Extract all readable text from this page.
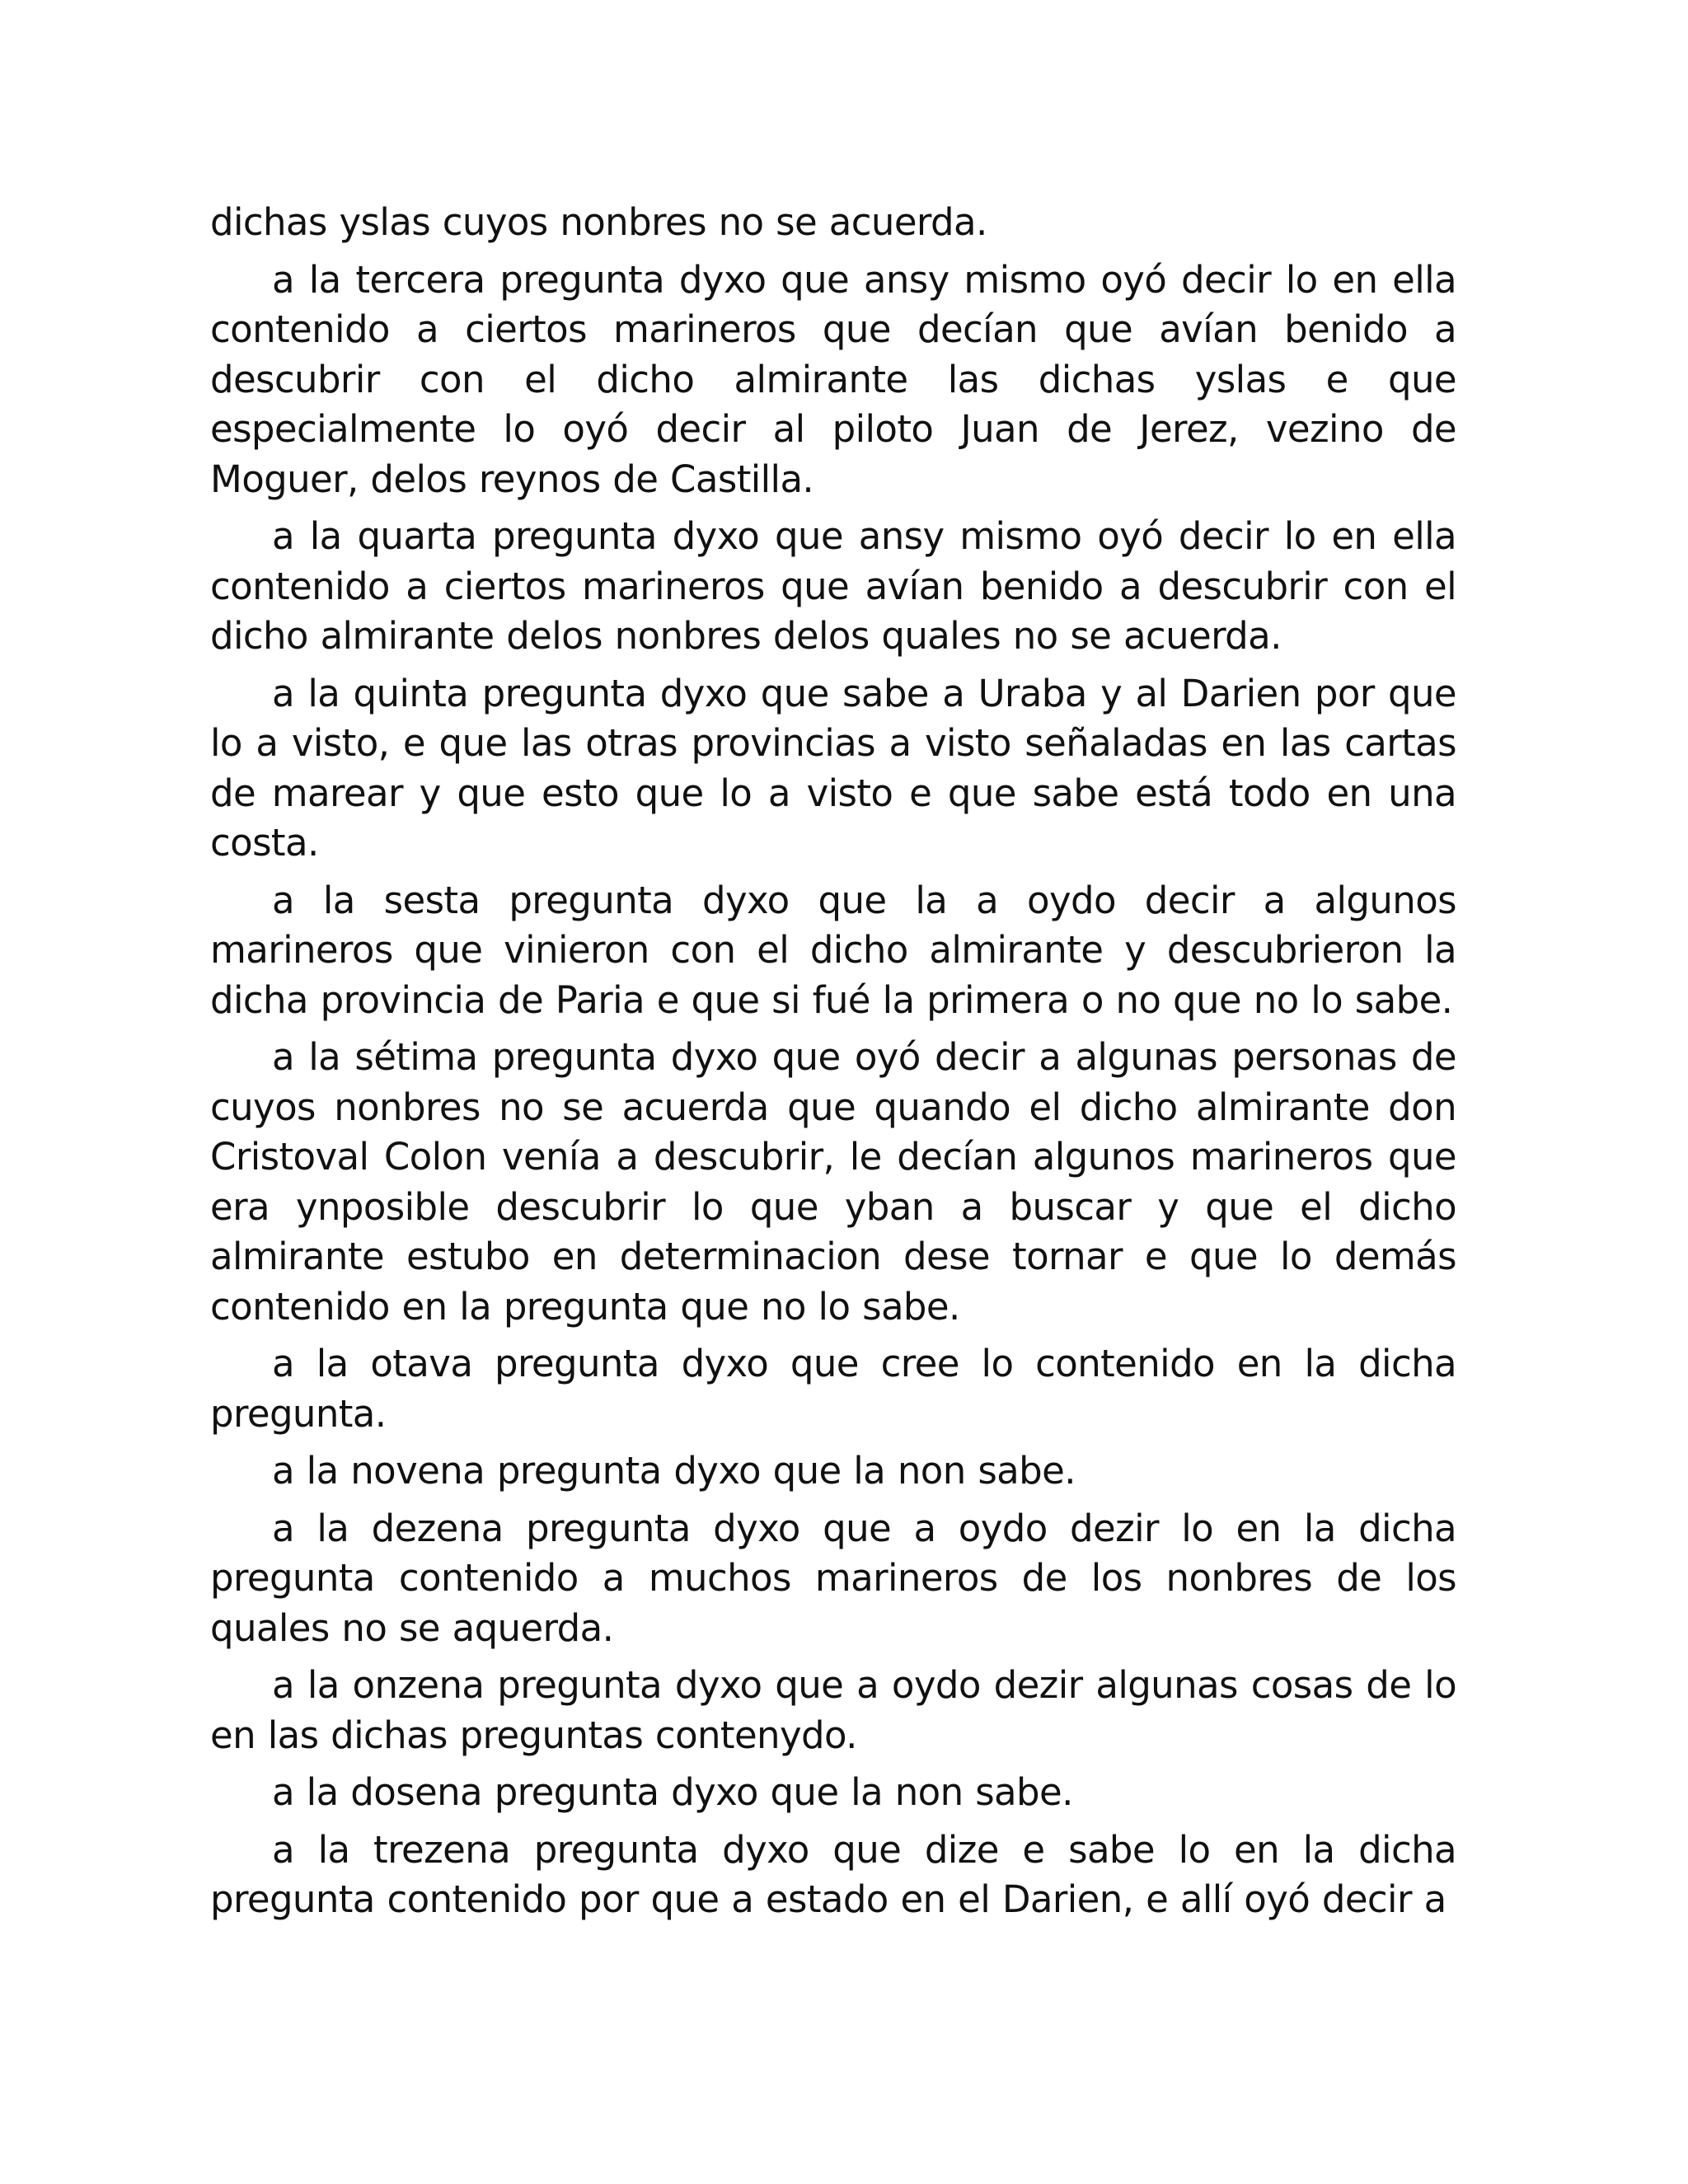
dichas yslas cuyos nonbres no se acuerda.

a la tercera pregunta dyxo que ansy mismo oyó decir lo en ella contenido a ciertos marineros que decían que avían benido a descubrir con el dicho almirante las dichas yslas e que especialmente lo oyó decir al piloto Juan de Jerez, vezino de Moguer, delos reynos de Castilla.

a la quarta pregunta dyxo que ansy mismo oyó decir lo en ella contenido a ciertos marineros que avían benido a descubrir con el dicho almirante delos nonbres delos quales no se acuerda.

a la quinta pregunta dyxo que sabe a Uraba y al Darien por que lo a visto, e que las otras provincias a visto señaladas en las cartas de marear y que esto que lo a visto e que sabe está todo en una costa.

a la sesta pregunta dyxo que la a oydo decir a algunos marineros que vinieron con el dicho almirante y descubrieron la dicha provincia de Paria e que si fué la primera o no que no lo sabe.

a la sétima pregunta dyxo que oyó decir a algunas personas de cuyos nonbres no se acuerda que quando el dicho almirante don Cristoval Colon venía a descubrir, le decían algunos marineros que era ynposible descubrir lo que yban a buscar y que el dicho almirante estubo en determinacion dese tornar e que lo demás contenido en la pregunta que no lo sabe.

a la otava pregunta dyxo que cree lo contenido en la dicha pregunta.

a la novena pregunta dyxo que la non sabe.

a la dezena pregunta dyxo que a oydo dezir lo en la dicha pregunta contenido a muchos marineros de los nonbres de los quales no se aquerda.

a la onzena pregunta dyxo que a oydo dezir algunas cosas de lo en las dichas preguntas contenydo.

a la dosena pregunta dyxo que la non sabe.

a la trezena pregunta dyxo que dize e sabe lo en la dicha pregunta contenido por que a estado en el Darien, e allí oyó decir a
